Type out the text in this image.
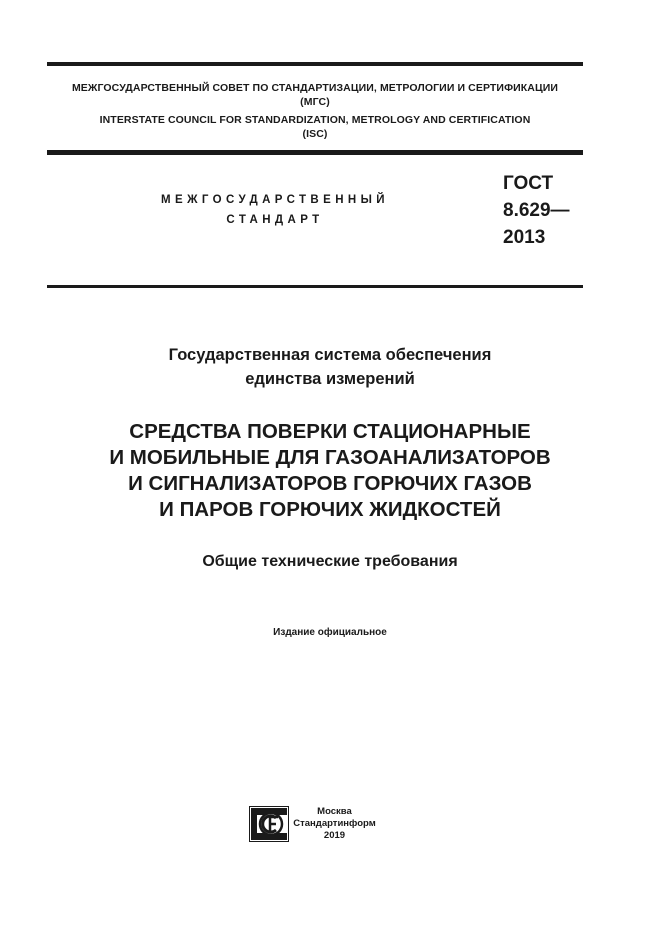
МЕЖГОСУДАРСТВЕННЫЙ СОВЕТ ПО СТАНДАРТИЗАЦИИ, МЕТРОЛОГИИ И СЕРТИФИКАЦИИ
(МГС)
INTERSTATE COUNCIL FOR STANDARDIZATION, METROLOGY AND CERTIFICATION
(ISC)
МЕЖГОСУДАРСТВЕННЫЙ
СТАНДАРТ
ГОСТ
8.629—
2013
Государственная система обеспечения
единства измерений
СРЕДСТВА ПОВЕРКИ СТАЦИОНАРНЫЕ
И МОБИЛЬНЫЕ ДЛЯ ГАЗОАНАЛИЗАТОРОВ
И СИГНАЛИЗАТОРОВ ГОРЮЧИХ ГАЗОВ
И ПАРОВ ГОРЮЧИХ ЖИДКОСТЕЙ
Общие технические требования
Издание официальное
Москва
Стандартинформ
2019
